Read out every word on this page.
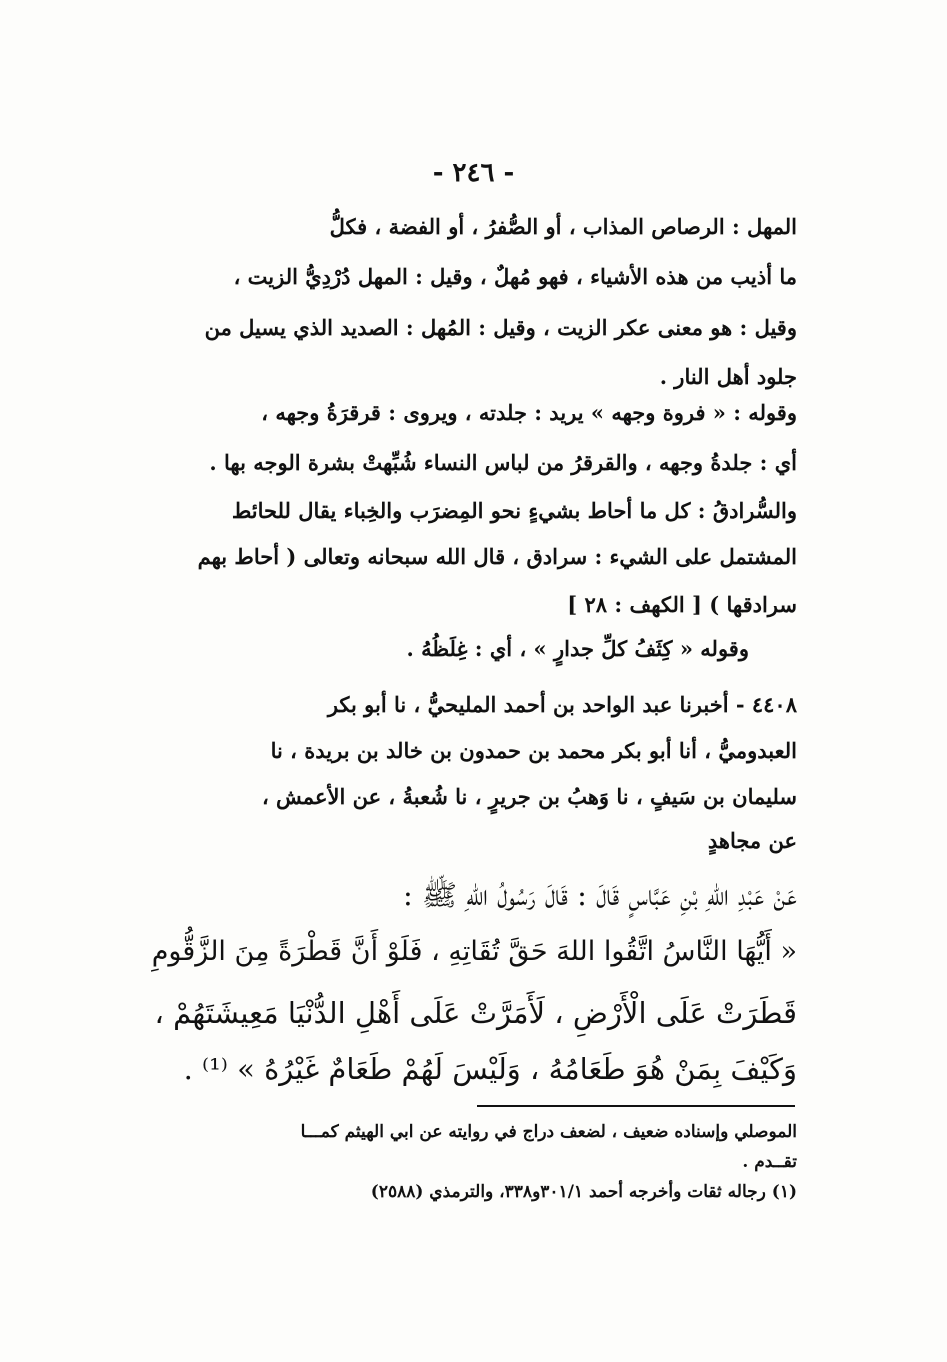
- ٢٤٦ -
المهل : الرصاص المذاب ، أو الصُّفرُ ، أو الفضة ، فكلُّ
ما أذيب من هذه الأشياء ، فهو مُهلٌ ، وقيل : المهل دُرْدِيُّ الزيت ،
وقيل : هو معنى عكر الزيت ، وقيل : المُهل : الصديد الذي يسيل من
جلود أهل النار .
وقوله : « فروة وجهه » يريد : جلدته ، ويروى : قرقرَةُ وجهه ،
أي : جلدةُ وجهه ، والقرقرُ من لباس النساء شُبِّهتْ بشرة الوجه بها .
والسُّرادقُ : كل ما أحاط بشيءٍ نحو المِضرَب والخِباء يقال للحائط
المشتمل على الشيء : سرادق ، قال الله سبحانه وتعالى ( أحاط بهم
سرادقها ) [ الكهف : ٢٨ ]
وقوله « كِثَفُ كلِّ جدارٍ » ، أي : غِلَظُهُ .
٤٤٠٨ - أخبرنا عبد الواحد بن أحمد المليحيُّ ، نا أبو بكر
العبدوميُّ ، أنا أبو بكر محمد بن حمدون بن خالد بن بريدة ، نا
سليمان بن سَيفٍ ، نا وَهبُ بن جريرٍ ، نا شُعبةُ ، عن الأعمش ،
عن مجاهدٍ
عَنْ عَبْدِ اللهِ بْنِ عَبَّاسٍ قَالَ : قَالَ رَسُولُ اللهِ ﷺ :
« أَيُّهَا النَّاسُ اتَّقُوا اللهَ حَقَّ تُقَاتِهِ ، فَلَوْ أَنَّ قَطْرَةً مِنَ الزَّقُّومِ
قَطَرَتْ عَلَى الْأَرْضِ ، لَأَمَرَّتْ عَلَى أَهْلِ الدُّنْيَا مَعِيشَتَهُمْ ،
وَكَيْفَ بِمَنْ هُوَ طَعَامُهُ ، وَلَيْسَ لَهُمْ طَعَامٌ غَيْرُهُ » ⁽¹⁾ .
الموصلي وإسناده ضعيف ، لضعف دراج في روايته عن ابي الهيثم كمـــا
تقــدم .
(١) رجاله ثقات وأخرجه أحمد ٣٠١/١و٣٣٨، والترمذي (٢٥٨٨)
